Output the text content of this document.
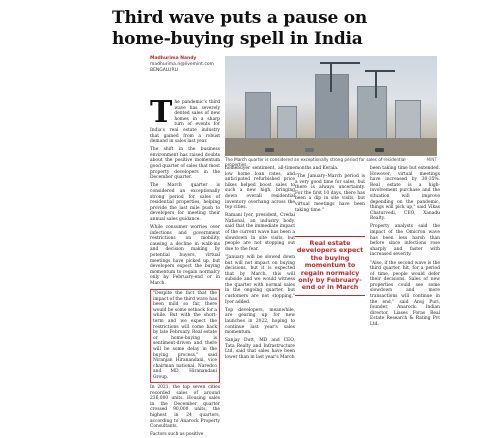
Third wave puts a pause on home-buying spell in India
Madhurima Nandy
madhurima.n@livemint.com
BENGALURU
MINT
The March quarter is considered an exceptionally strong period for sales of residential properties.

The pandemic's third wave has severely dented sales of new homes in a sharp turn of events for India's real estate industry that gained from a robust demand in sales last year.

The shift in the business environment has raised doubts about the positive momentum good quarter of sales that most property developers in the December quarter.

The March quarter is considered an exceptionally strong period for sales of residential properties, helping provide the last mile push to developers for meeting their annual sales guidance.

While consumer worries over infections and government restrictions on mobility, causing a decline in walk-ins and decision making by potential buyers, virtual meetings have picked up, but developers expect the buying momentum to regain normalcy only by February-end or in March.

"Despite the fact that the impact of the third wave has been mild so far, there would be some setback for a while. But with the short-term and we expect the restrictions will come back by late February. Real estate or home-buying is sentiment-driven and there will be some delay in the buying process," said Niranjan Hiranandani, vice chairman national, Naredco and MD, Hiranandani Group.

In 2021, the top seven cities recorded sales of around 236,000 units. Housing sales in the December quarter crossed 90,000 units, the highest in 24 quarters, according to Anarock Property Consultants.

Factors such as positive

homebuyer sentiment, all-time low home loan rates, and anticipated refurbished price hikes helped boost sales to such a new high, bringing down overall residential inventory overhang across the top cities.

Ramani Iyer, president, Credai National, an industry body, said that the immediate impact of the current wave has been a slowdown in site visits, but people are not stopping out due to the fear.

"January will be slowed down but will not impact on buying decisions, but it is expected that by March, this will subside and we would witness the quarter with normal sales in the ongoing quarter, but customers are not stopping," Iyer added.

Top developers, meanwhile, are gearing up for new launches in 2022, hoping to continue last year's sales momentum.

Sanjay Dutt, MD and CEO, Tata Realty and Infrastructure Ltd, said that sales have been lower than in last year's March

months and Kerala.

"The January–March period is a very good time for sales, but there is always uncertainty. For the first 10 days, there has been a dip in site visits, but virtual meetings have been taking time."

Real estate developers expect the buying momentum to regain normalcy only by February-end or in March

been taking time but extended. However, virtual meetings have increased by 30-35%. Real estate is a high-involvement purchase and the situation will improve depending on the pandemic, things will pick up," said Vikas Chaturvedi, CEO, Xanadu Realty.

Property analysts said the impact of the Omicron wave has been less harsh than before since infections rose sharply and faster with increased severity.

"Also, if the second wave is the third quarter, hit, for a period of time, people would defer their decisions. Sales of new properties could see some slowdown and more transactions will continue in the end," said Anuj Puri, founder, Anarock. Indian director, Liases Foras Real Estate Research & Rating Pvt Ltd.
